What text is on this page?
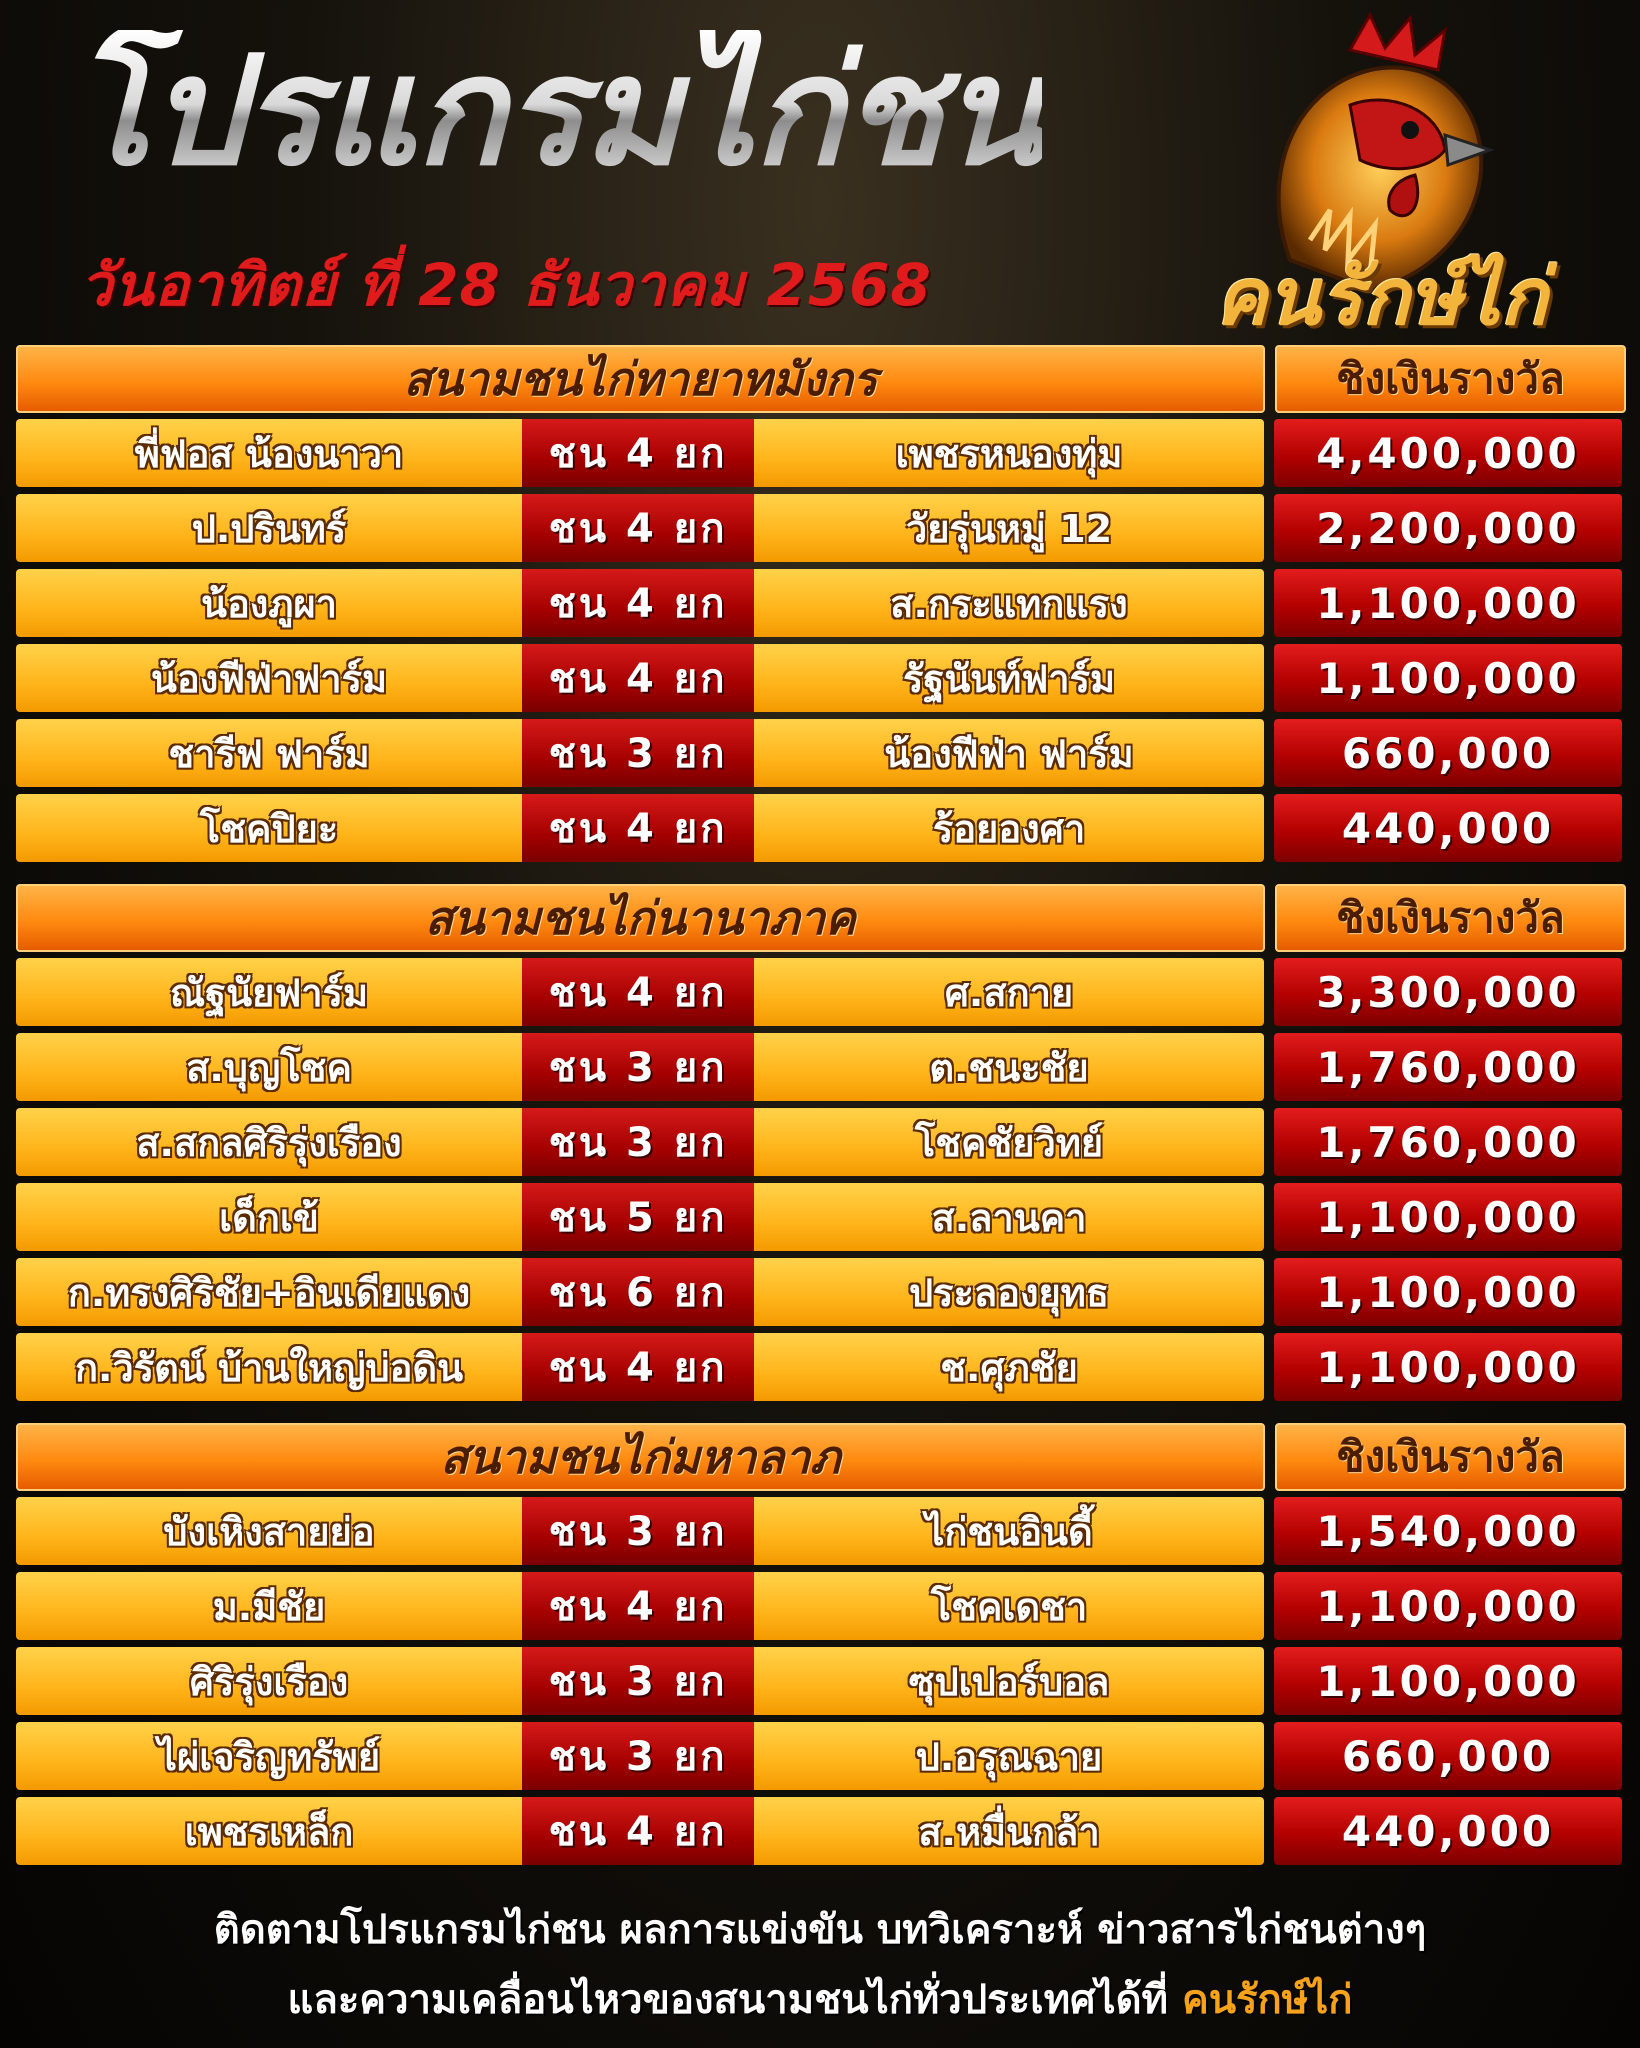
โปรแกรมไก่ชน
วันอาทิตย์ ที่ 28 ธันวาคม 2568	คนรักษ์ไก่
สนามชนไก่ทายาทมังกร	ชิงเงินรางวัล
พี่ฟอส น้องนาวา	ชน 4 ยก	เพชรหนองทุ่ม	4,400,000
ป.ปรินทร์	ชน 4 ยก	วัยรุ่นหมู่ 12	2,200,000
น้องภูผา	ชน 4 ยก	ส.กระแทกแรง	1,100,000
น้องฟีฟ่าฟาร์ม	ชน 4 ยก	รัฐนันท์ฟาร์ม	1,100,000
ชารีฟ ฟาร์ม	ชน 3 ยก	น้องฟีฟ่า ฟาร์ม	660,000
โชคปิยะ	ชน 4 ยก	ร้อยองศา	440,000
สนามชนไก่นานาภาค	ชิงเงินรางวัล
ณัฐนัยฟาร์ม	ชน 4 ยก	ศ.สกาย	3,300,000
ส.บุญโชค	ชน 3 ยก	ต.ชนะชัย	1,760,000
ส.สกลศิริรุ่งเรือง	ชน 3 ยก	โชคชัยวิทย์	1,760,000
เด็กเข้	ชน 5 ยก	ส.ลานคา	1,100,000
ก.ทรงศิริชัย+อินเดียแดง	ชน 6 ยก	ประลองยุทธ	1,100,000
ก.วิรัตน์ บ้านใหญ่บ่อดิน	ชน 4 ยก	ช.ศุภชัย	1,100,000
สนามชนไก่มหาลาภ	ชิงเงินรางวัล
บังเหิงสายย่อ	ชน 3 ยก	ไก่ชนอินดี้	1,540,000
ม.มีชัย	ชน 4 ยก	โชคเดชา	1,100,000
ศิริรุ่งเรือง	ชน 3 ยก	ซุปเปอร์บอล	1,100,000
ไผ่เจริญทรัพย์	ชน 3 ยก	ป.อรุณฉาย	660,000
เพชรเหล็ก	ชน 4 ยก	ส.หมื่นกล้า	440,000
ติดตามโปรแกรมไก่ชน ผลการแข่งขัน บทวิเคราะห์ ข่าวสารไก่ชนต่างๆ
และความเคลื่อนไหวของสนามชนไก่ทั่วประเทศได้ที่ คนรักษ์ไก่
